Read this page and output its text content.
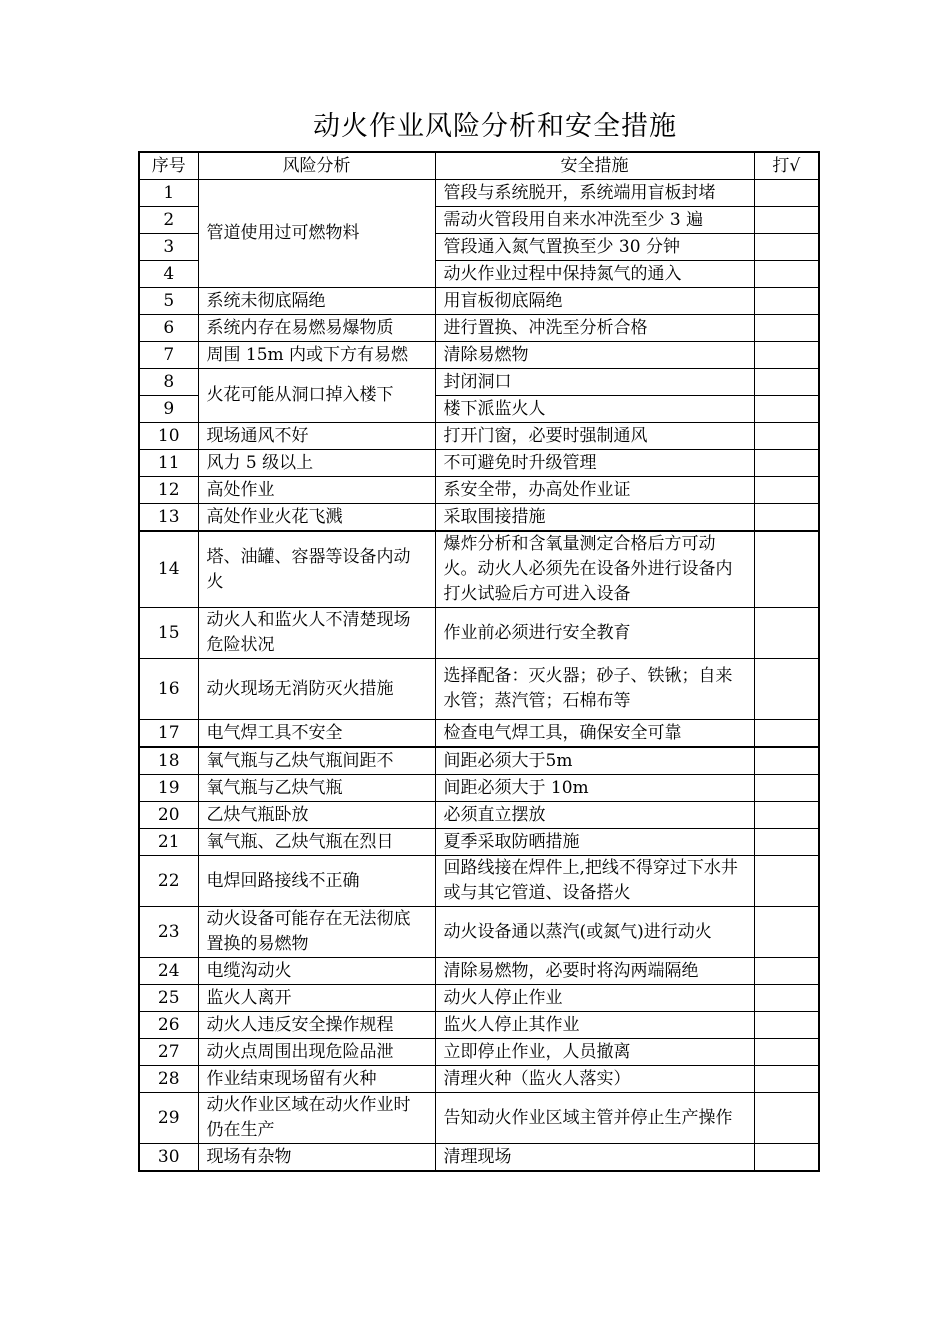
动火作业风险分析和安全措施
序号	风险分析	安全措施	打√
1	管道使用过可燃物料	管段与系统脱开，系统端用盲板封堵	
2		需动火管段用自来水冲洗至少 3 遍	
3		管段通入氮气置换至少 30 分钟	
4		动火作业过程中保持氮气的通入	
5	系统未彻底隔绝	用盲板彻底隔绝	
6	系统内存在易燃易爆物质	进行置换、冲洗至分析合格	
7	周围 15m 内或下方有易燃	清除易燃物	
8	火花可能从洞口掉入楼下	封闭洞口	
9		楼下派监火人	
10	现场通风不好	打开门窗，必要时强制通风	
11	风力 5 级以上	不可避免时升级管理	
12	高处作业	系安全带，办高处作业证	
13	高处作业火花飞溅	采取围接措施	
14	塔、油罐、容器等设备内动火	爆炸分析和含氧量测定合格后方可动火。动火人必须先在设备外进行设备内打火试验后方可进入设备	
15	动火人和监火人不清楚现场危险状况	作业前必须进行安全教育	
16	动火现场无消防灭火措施	选择配备：灭火器；砂子、铁锹；自来水管；蒸汽管；石棉布等	
17	电气焊工具不安全	检查电气焊工具，确保安全可靠	
18	氧气瓶与乙炔气瓶间距不	间距必须大于5m	
19	氧气瓶与乙炔气瓶	间距必须大于 10m	
20	乙炔气瓶卧放	必须直立摆放	
21	氧气瓶、乙炔气瓶在烈日	夏季采取防晒措施	
22	电焊回路接线不正确	回路线接在焊件上,把线不得穿过下水井或与其它管道、设备搭火	
23	动火设备可能存在无法彻底置换的易燃物	动火设备通以蒸汽(或氮气)进行动火	
24	电缆沟动火	清除易燃物，必要时将沟两端隔绝	
25	监火人离开	动火人停止作业	
26	动火人违反安全操作规程	监火人停止其作业	
27	动火点周围出现危险品泄	立即停止作业，人员撤离	
28	作业结束现场留有火种	清理火种（监火人落实）	
29	动火作业区域在动火作业时仍在生产	告知动火作业区域主管并停止生产操作	
30	现场有杂物	清理现场	
